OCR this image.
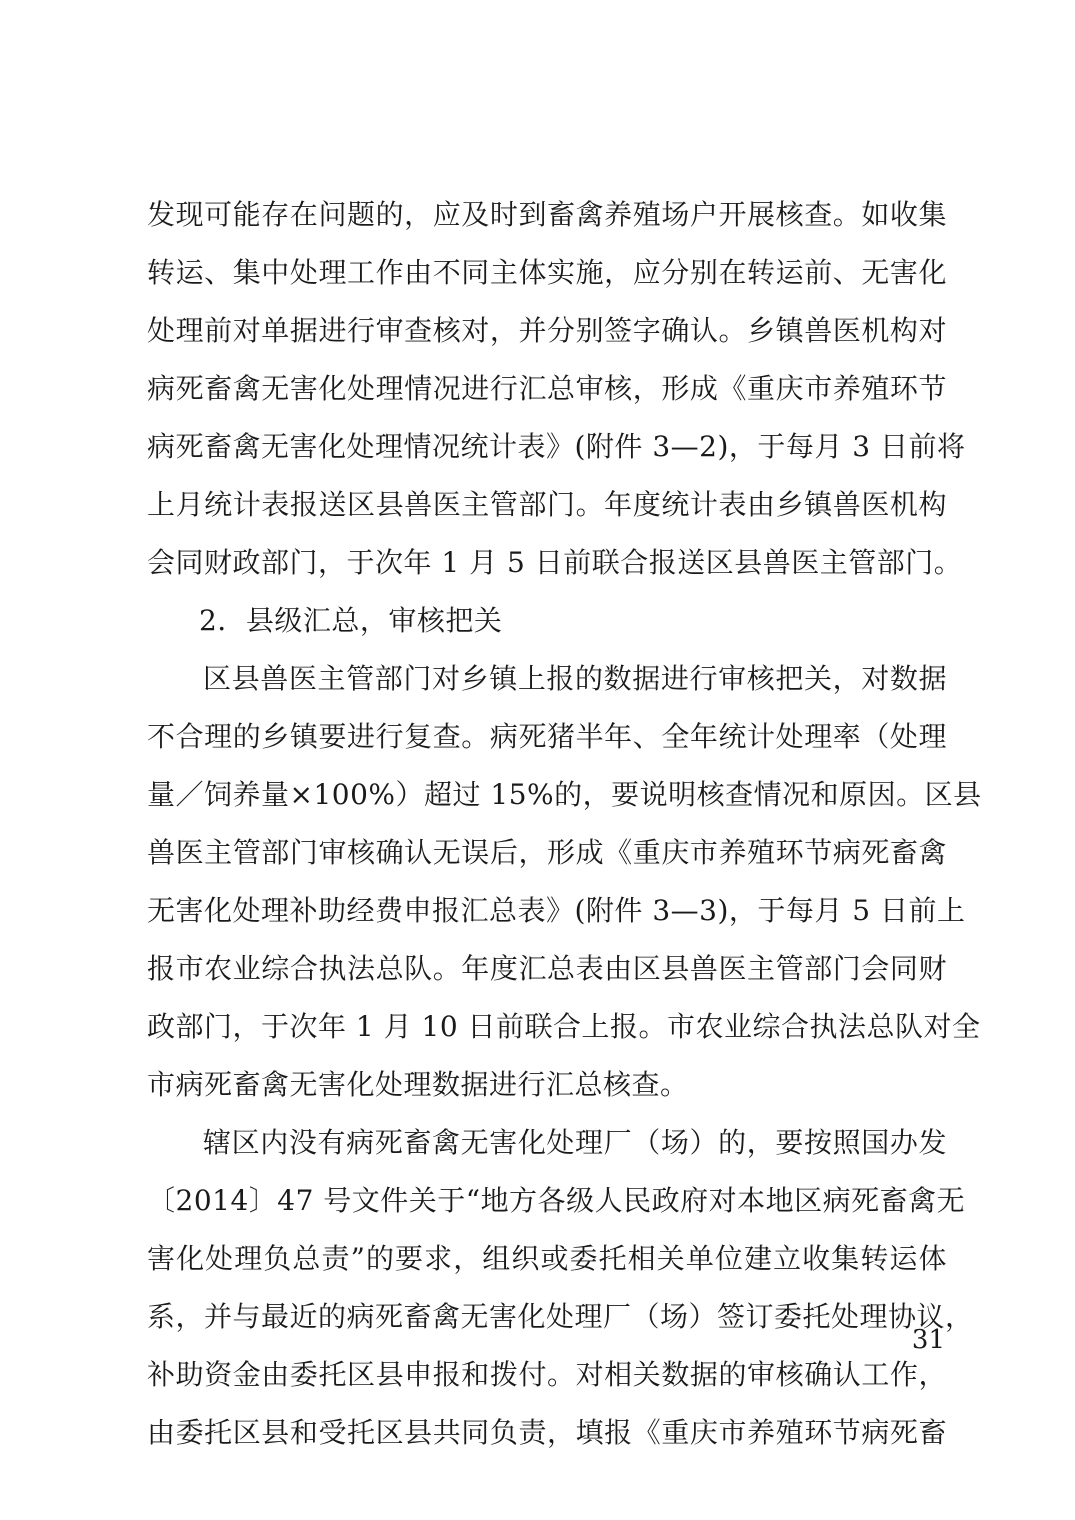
发现可能存在问题的，应及时到畜禽养殖场户开展核查。如收集
转运、集中处理工作由不同主体实施，应分别在转运前、无害化
处理前对单据进行审查核对，并分别签字确认。乡镇兽医机构对
病死畜禽无害化处理情况进行汇总审核，形成《重庆市养殖环节
病死畜禽无害化处理情况统计表》(附件 3—2)，于每月 3 日前将
上月统计表报送区县兽医主管部门。年度统计表由乡镇兽医机构
会同财政部门，于次年 1 月 5 日前联合报送区县兽医主管部门。
2．县级汇总，审核把关
区县兽医主管部门对乡镇上报的数据进行审核把关，对数据
不合理的乡镇要进行复查。病死猪半年、全年统计处理率（处理
量／饲养量×100%）超过 15%的，要说明核查情况和原因。区县
兽医主管部门审核确认无误后，形成《重庆市养殖环节病死畜禽
无害化处理补助经费申报汇总表》(附件 3—3)，于每月 5 日前上
报市农业综合执法总队。年度汇总表由区县兽医主管部门会同财
政部门，于次年 1 月 10 日前联合上报。市农业综合执法总队对全
市病死畜禽无害化处理数据进行汇总核查。
辖区内没有病死畜禽无害化处理厂（场）的，要按照国办发
〔2014〕47 号文件关于“地方各级人民政府对本地区病死畜禽无
害化处理负总责”的要求，组织或委托相关单位建立收集转运体
系，并与最近的病死畜禽无害化处理厂（场）签订委托处理协议，
补助资金由委托区县申报和拨付。对相关数据的审核确认工作，
由委托区县和受托区县共同负责，填报《重庆市养殖环节病死畜
31
